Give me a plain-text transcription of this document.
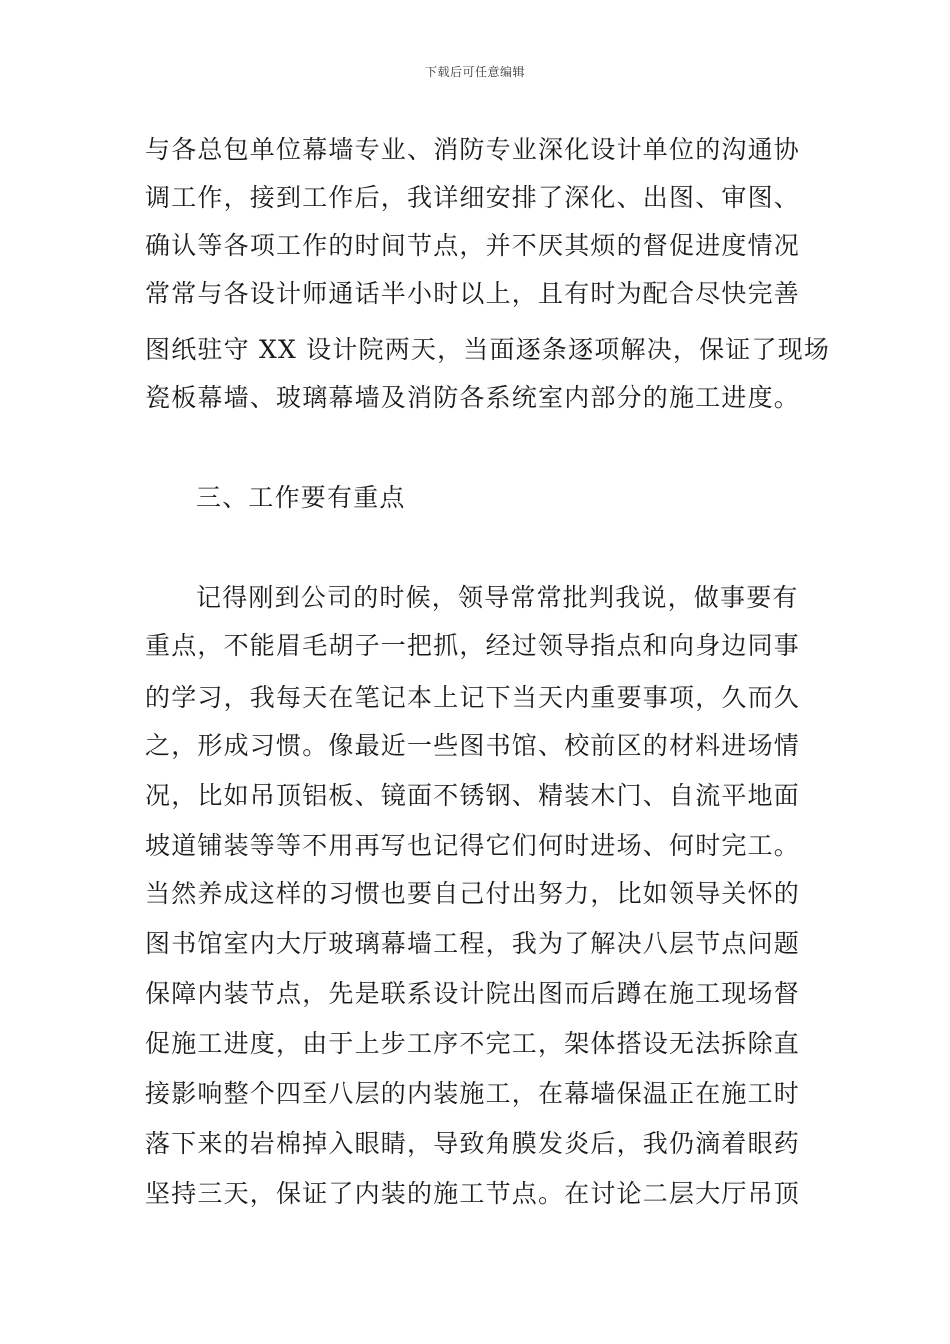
下载后可任意编辑
与各总包单位幕墙专业、消防专业深化设计单位的沟通协
调工作，接到工作后，我详细安排了深化、出图、审图、
确认等各项工作的时间节点，并不厌其烦的督促进度情况
常常与各设计师通话半小时以上，且有时为配合尽快完善
图纸驻守 XX 设计院两天，当面逐条逐项解决，保证了现场
瓷板幕墙、玻璃幕墙及消防各系统室内部分的施工进度。
三、工作要有重点
记得刚到公司的时候，领导常常批判我说，做事要有
重点，不能眉毛胡子一把抓，经过领导指点和向身边同事
的学习，我每天在笔记本上记下当天内重要事项，久而久
之，形成习惯。像最近一些图书馆、校前区的材料进场情
况，比如吊顶铝板、镜面不锈钢、精装木门、自流平地面
坡道铺装等等不用再写也记得它们何时进场、何时完工。
当然养成这样的习惯也要自己付出努力，比如领导关怀的
图书馆室内大厅玻璃幕墙工程，我为了解决八层节点问题
保障内装节点，先是联系设计院出图而后蹲在施工现场督
促施工进度，由于上步工序不完工，架体搭设无法拆除直
接影响整个四至八层的内装施工，在幕墙保温正在施工时
落下来的岩棉掉入眼睛，导致角膜发炎后，我仍滴着眼药
坚持三天，保证了内装的施工节点。在讨论二层大厅吊顶
